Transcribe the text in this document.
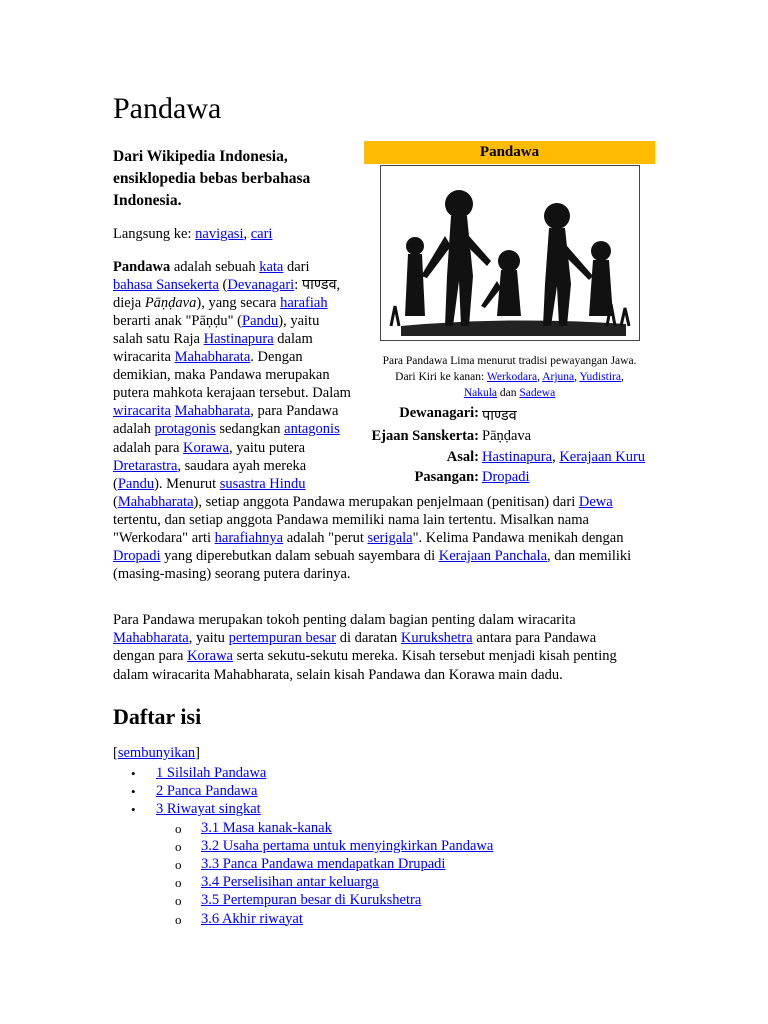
Pandawa
Dari Wikipedia Indonesia, ensiklopedia bebas berbahasa Indonesia.
Langsung ke: navigasi, cari
Pandawa adalah sebuah kata dari
bahasa Sansekerta (Devanagari: पाण्डव,
dieja Pāṇḍava), yang secara harafiah
berarti anak "Pāṇḍu" (Pandu), yaitu
salah satu Raja Hastinapura dalam
wiracarita Mahabharata. Dengan
demikian, maka Pandawa merupakan
putera mahkota kerajaan tersebut. Dalam
wiracarita Mahabharata, para Pandawa
adalah protagonis sedangkan antagonis
adalah para Korawa, yaitu putera
Dretarastra, saudara ayah mereka
(Pandu). Menurut susastra Hindu
(Mahabharata), setiap anggota Pandawa merupakan penjelmaan (penitisan) dari Dewa
tertentu, dan setiap anggota Pandawa memiliki nama lain tertentu. Misalkan nama
"Werkodara" arti harafiahnya adalah "perut serigala". Kelima Pandawa menikah dengan
Dropadi yang diperebutkan dalam sebuah sayembara di Kerajaan Panchala, dan memiliki
(masing-masing) seorang putera darinya.
Para Pandawa merupakan tokoh penting dalam bagian penting dalam wiracarita
Mahabharata, yaitu pertempuran besar di daratan Kurukshetra antara para Pandawa
dengan para Korawa serta sekutu-sekutu mereka. Kisah tersebut menjadi kisah penting
dalam wiracarita Mahabharata, selain kisah Pandawa dan Korawa main dadu.
Pandawa
Para Pandawa Lima menurut tradisi pewayangan Jawa.
Dari Kiri ke kanan: Werkodara, Arjuna, Yudistira,
Nakula dan Sadewa
Dewanagari: पाण्डव
Ejaan Sanskerta: Pāṇḍava
Asal: Hastinapura, Kerajaan Kuru
Pasangan: Dropadi
Daftar isi
[sembunyikan]
• 1 Silsilah Pandawa
• 2 Panca Pandawa
• 3 Riwayat singkat
o 3.1 Masa kanak-kanak
o 3.2 Usaha pertama untuk menyingkirkan Pandawa
o 3.3 Panca Pandawa mendapatkan Drupadi
o 3.4 Perselisihan antar keluarga
o 3.5 Pertempuran besar di Kurukshetra
o 3.6 Akhir riwayat
